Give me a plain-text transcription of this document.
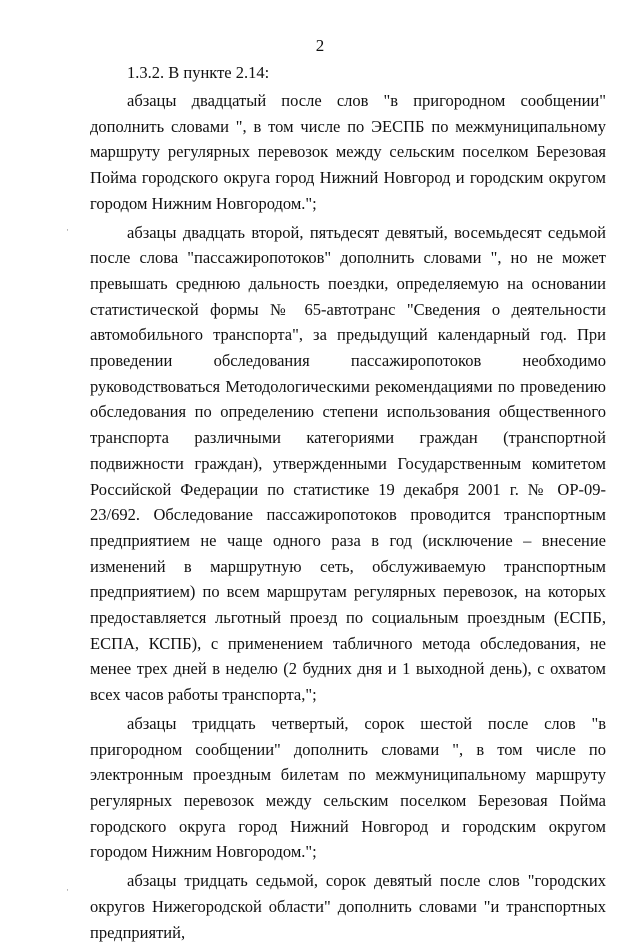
2
·
·

1.3.2. В пункте 2.14:

абзацы двадцатый после слов "в пригородном сообщении" дополнить словами ", в том числе по ЭЕСПБ по межмуниципальному маршруту регулярных перевозок между сельским поселком Березовая Пойма городского округа город Нижний Новгород и городским округом городом Нижним Новгородом.";

абзацы двадцать второй, пятьдесят девятый, восемьдесят седьмой после слова "пассажиропотоков" дополнить словами ", но не может превышать среднюю дальность поездки, определяемую на основании статистической формы № 65-автотранс "Сведения о деятельности автомобильного транспорта", за предыдущий календарный год. При проведении обследования пассажиропотоков необходимо руководствоваться Методологическими рекомендациями по проведению обследования по определению степени использования общественного транспорта различными категориями граждан (транспортной подвижности граждан), утвержденными Государственным комитетом Российской Федерации по статистике 19 декабря 2001 г. № ОР-09-23/692. Обследование пассажиропотоков проводится транспортным предприятием не чаще одного раза в год (исключение – внесение изменений в маршрутную сеть, обслуживаемую транспортным предприятием) по всем маршрутам регулярных перевозок, на которых предоставляется льготный проезд по социальным проездным (ЕСПБ, ЕСПА, КСПБ), с применением табличного метода обследования, не менее трех дней в неделю (2 будних дня и 1 выходной день), с охватом всех часов работы транспорта,";

абзацы тридцать четвертый, сорок шестой после слов "в пригородном сообщении" дополнить словами ", в том числе по электронным проездным билетам по межмуниципальному маршруту регулярных перевозок между сельским поселком Березовая Пойма городского округа город Нижний Новгород и городским округом городом Нижним Новгородом.";

абзацы тридцать седьмой, сорок девятый после слов "городских округов Нижегородской области" дополнить словами "и транспортных предприятий,
